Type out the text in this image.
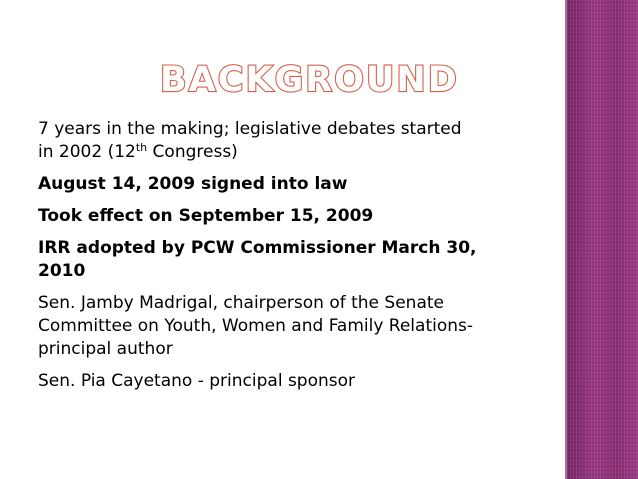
BACKGROUND

7 years in the making; legislative debates started
in 2002 (12th Congress)

August 14, 2009 signed into law

Took effect on September 15, 2009

IRR adopted by PCW Commissioner March 30,
2010

Sen. Jamby Madrigal, chairperson of the Senate
Committee on Youth, Women and Family Relations-
principal author

Sen. Pia Cayetano - principal sponsor
